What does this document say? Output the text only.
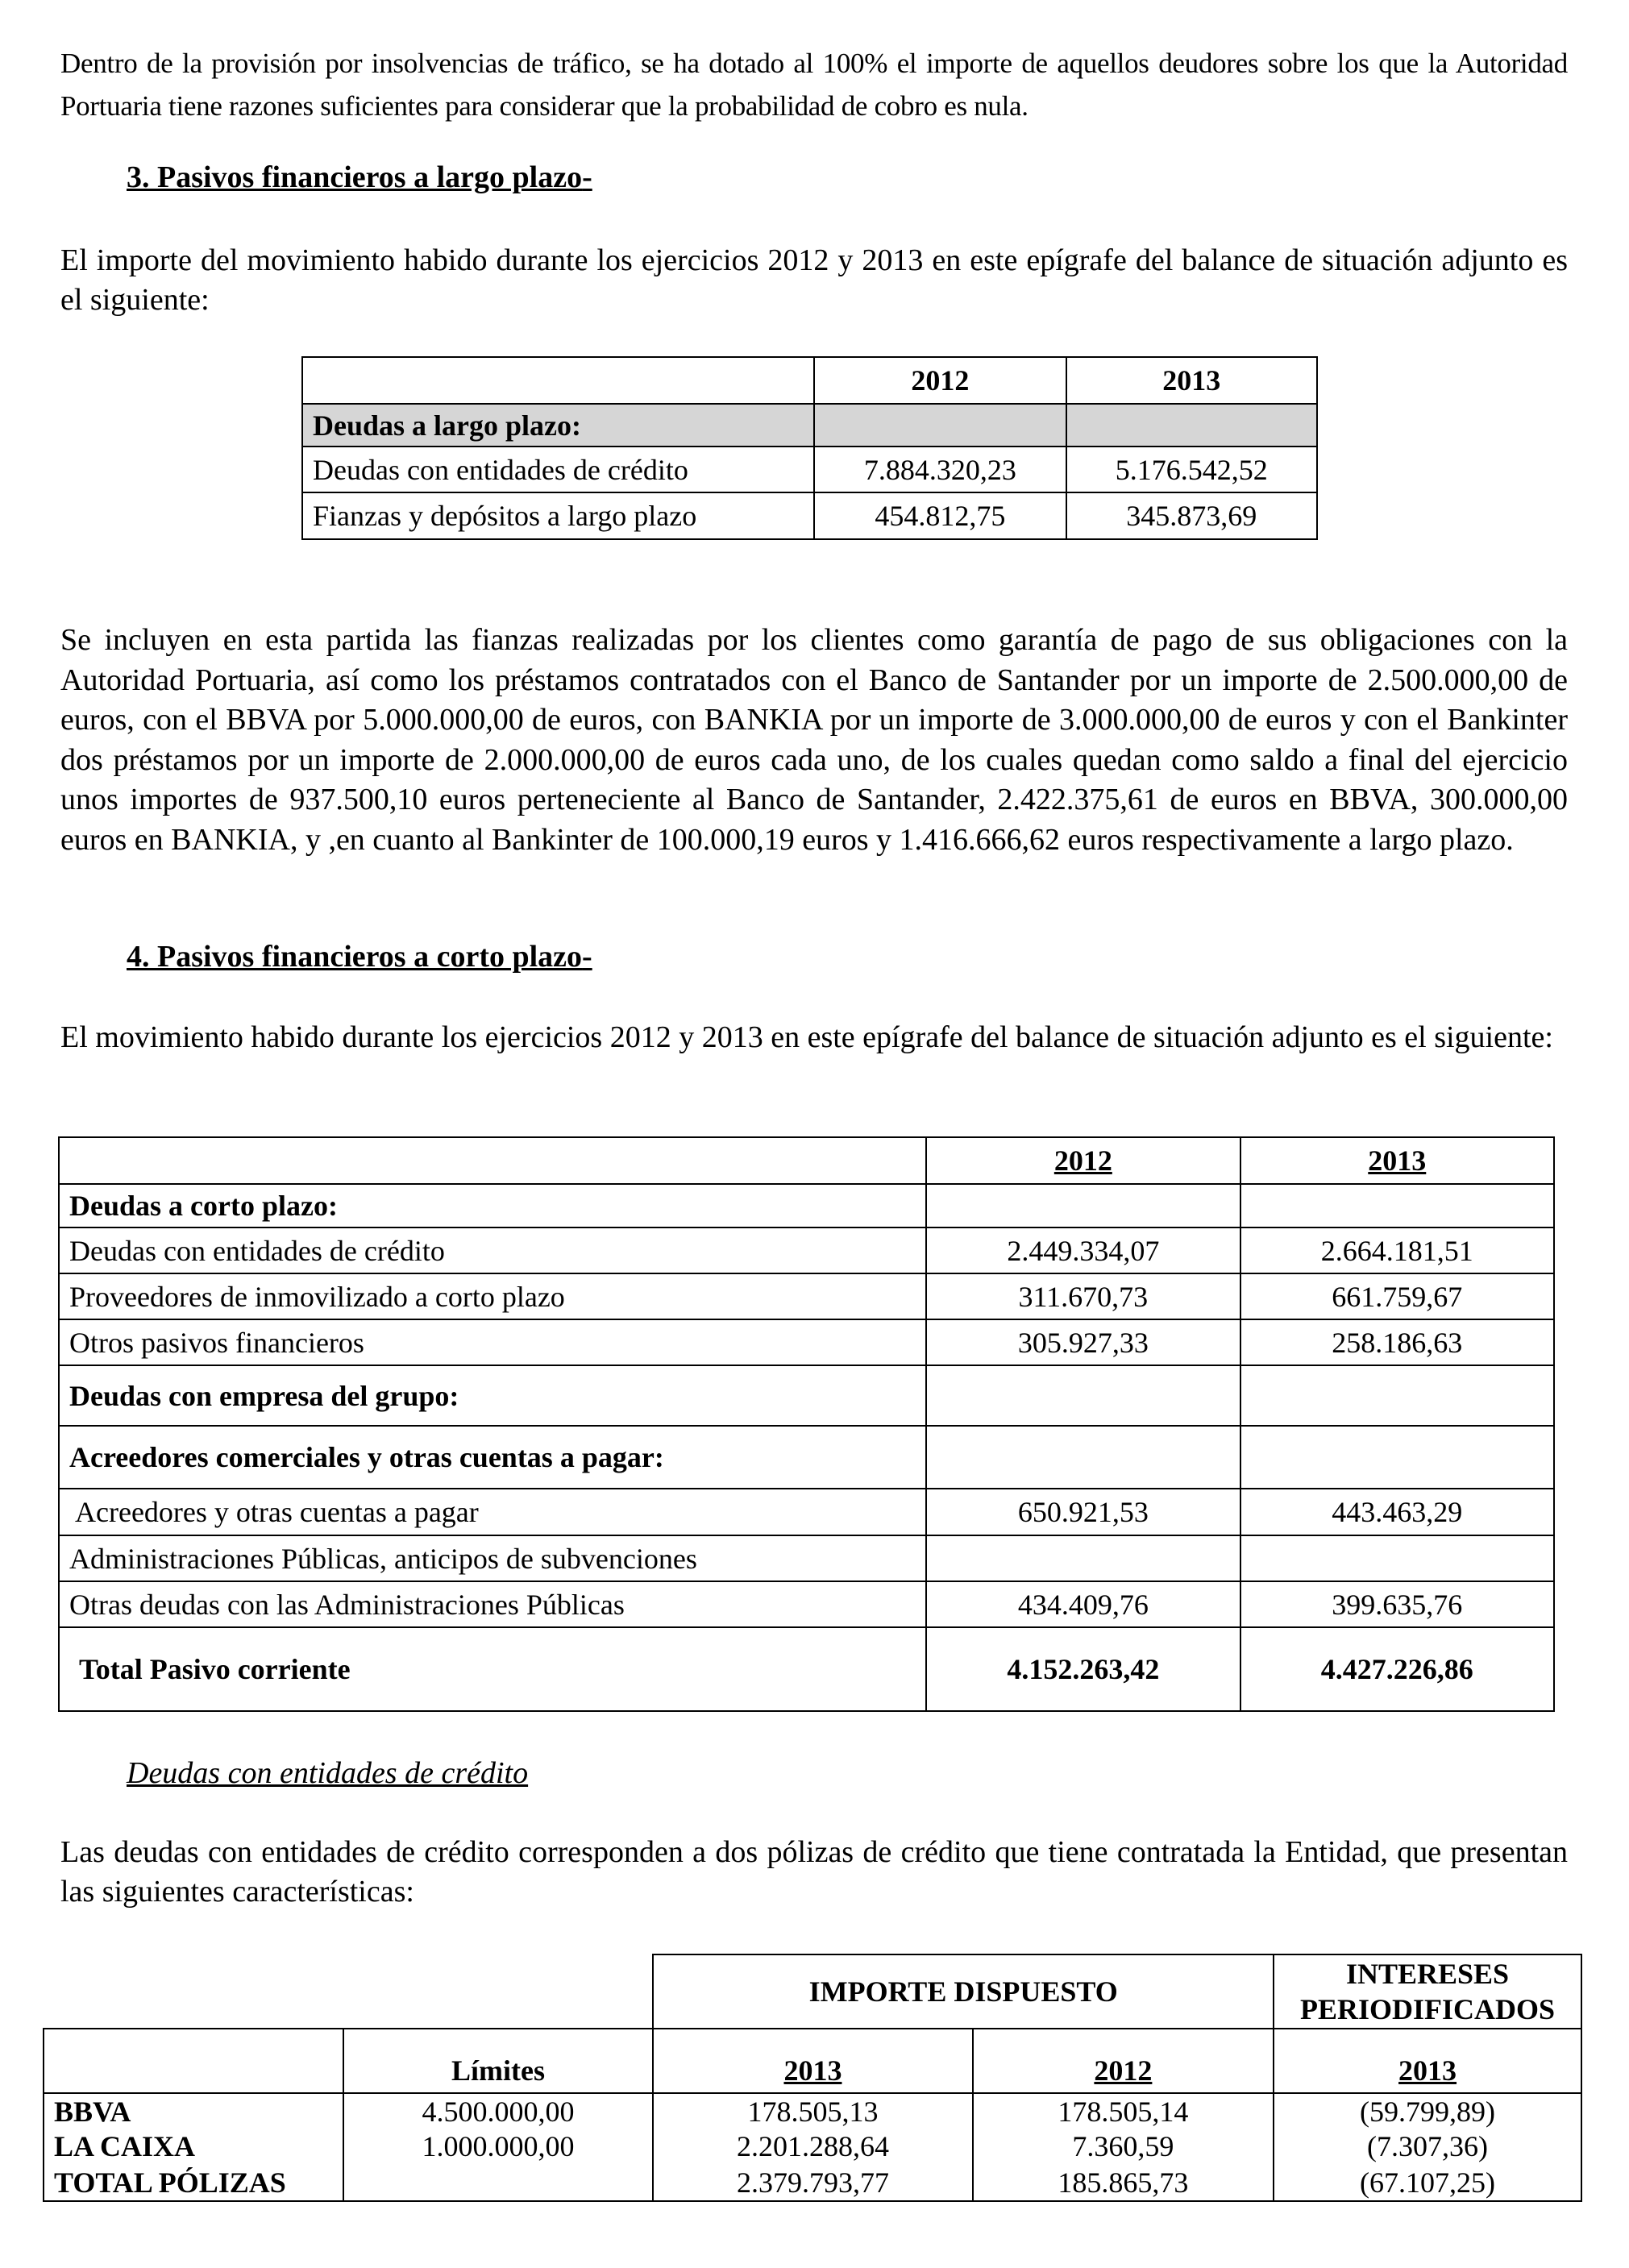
Dentro de la provisión por insolvencias de tráfico, se ha dotado al 100% el importe de aquellos deudores sobre los que la Autoridad Portuaria tiene razones suficientes para considerar que la probabilidad de cobro es nula.

3. Pasivos financieros a largo plazo-

El importe del movimiento habido durante los ejercicios 2012 y 2013 en este epígrafe del balance de situación adjunto es el siguiente:

	2012	2013
Deudas a largo plazo:		
Deudas con entidades de crédito	7.884.320,23	5.176.542,52
Fianzas y depósitos a largo plazo	454.812,75	345.873,69

Se incluyen en esta partida las fianzas realizadas por los clientes como garantía de pago de sus obligaciones con la Autoridad Portuaria, así como los préstamos contratados con el Banco de Santander por un importe de 2.500.000,00 de euros, con el BBVA por 5.000.000,00 de euros, con BANKIA por un importe de 3.000.000,00 de euros y con el Bankinter dos préstamos por un importe de 2.000.000,00 de euros cada uno, de los cuales quedan como saldo a final del ejercicio unos importes de 937.500,10 euros perteneciente al Banco de Santander, 2.422.375,61 de euros en BBVA, 300.000,00 euros en BANKIA, y ,en cuanto al Bankinter de 100.000,19 euros y 1.416.666,62 euros respectivamente a largo plazo.

4. Pasivos financieros a corto plazo-

El movimiento habido durante los ejercicios 2012 y 2013 en este epígrafe del balance de situación adjunto es el siguiente:

	2012	2013
Deudas a corto plazo:		
Deudas con entidades de crédito	2.449.334,07	2.664.181,51
Proveedores de inmovilizado a corto plazo	311.670,73	661.759,67
Otros pasivos financieros	305.927,33	258.186,63
Deudas con empresa del grupo:		
Acreedores comerciales y otras cuentas a pagar:		
Acreedores y otras cuentas a pagar	650.921,53	443.463,29
Administraciones Públicas, anticipos de subvenciones		
Otras deudas con las Administraciones Públicas	434.409,76	399.635,76
Total Pasivo corriente	4.152.263,42	4.427.226,86

Deudas con entidades de crédito

Las deudas con entidades de crédito corresponden a dos pólizas de crédito que tiene contratada la Entidad, que presentan las siguientes características:

		IMPORTE DISPUESTO		INTERESES PERIODIFICADOS
	Límites	2013	2012	2013
BBVA	4.500.000,00	178.505,13	178.505,14	(59.799,89)
LA CAIXA	1.000.000,00	2.201.288,64	7.360,59	(7.307,36)
TOTAL PÓLIZAS		2.379.793,77	185.865,73	(67.107,25)
